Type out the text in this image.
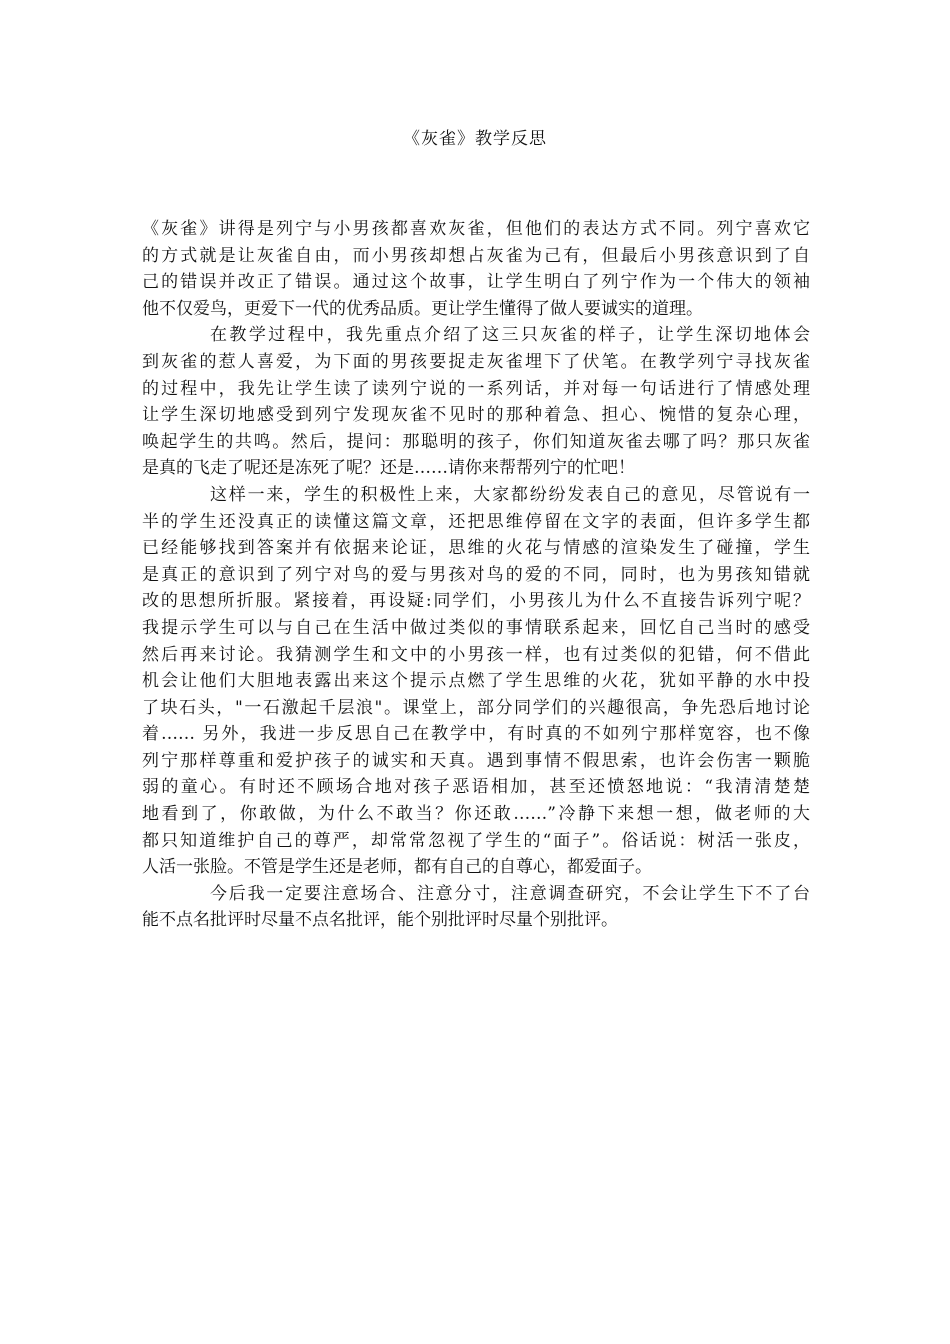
《灰雀》教学反思
《灰雀》讲得是列宁与小男孩都喜欢灰雀，但他们的表达方式不同。列宁喜欢它
的方式就是让灰雀自由，而小男孩却想占灰雀为己有，但最后小男孩意识到了自
己的错误并改正了错误。通过这个故事，让学生明白了列宁作为一个伟大的领袖
他不仅爱鸟，更爱下一代的优秀品质。更让学生懂得了做人要诚实的道理。
在教学过程中，我先重点介绍了这三只灰雀的样子，让学生深切地体会
到灰雀的惹人喜爱，为下面的男孩要捉走灰雀埋下了伏笔。在教学列宁寻找灰雀
的过程中，我先让学生读了读列宁说的一系列话，并对每一句话进行了情感处理
让学生深切地感受到列宁发现灰雀不见时的那种着急、担心、惋惜的复杂心理，
唤起学生的共鸣。然后，提问：那聪明的孩子，你们知道灰雀去哪了吗？那只灰雀
是真的飞走了呢还是冻死了呢？还是……请你来帮帮列宁的忙吧！
这样一来，学生的积极性上来，大家都纷纷发表自己的意见，尽管说有一
半的学生还没真正的读懂这篇文章，还把思维停留在文字的表面，但许多学生都
已经能够找到答案并有依据来论证，思维的火花与情感的渲染发生了碰撞，学生
是真正的意识到了列宁对鸟的爱与男孩对鸟的爱的不同，同时，也为男孩知错就
改的思想所折服。紧接着，再设疑:同学们，小男孩儿为什么不直接告诉列宁呢？
我提示学生可以与自己在生活中做过类似的事情联系起来，回忆自己当时的感受
然后再来讨论。我猜测学生和文中的小男孩一样，也有过类似的犯错，何不借此
机会让他们大胆地表露出来这个提示点燃了学生思维的火花，犹如平静的水中投
了块石头，"一石激起千层浪"。课堂上，部分同学们的兴趣很高，争先恐后地讨论
着…… 另外，我进一步反思自己在教学中，有时真的不如列宁那样宽容，也不像
列宁那样尊重和爱护孩子的诚实和天真。遇到事情不假思索，也许会伤害一颗脆
弱的童心。有时还不顾场合地对孩子恶语相加，甚至还愤怒地说：“我清清楚楚
地看到了，你敢做，为什么不敢当？你还敢……”冷静下来想一想，做老师的大
都只知道维护自己的尊严，却常常忽视了学生的“面子”。俗话说：树活一张皮，
人活一张脸。不管是学生还是老师，都有自己的自尊心，都爱面子。
今后我一定要注意场合、注意分寸，注意调查研究，不会让学生下不了台
能不点名批评时尽量不点名批评，能个别批评时尽量个别批评。
